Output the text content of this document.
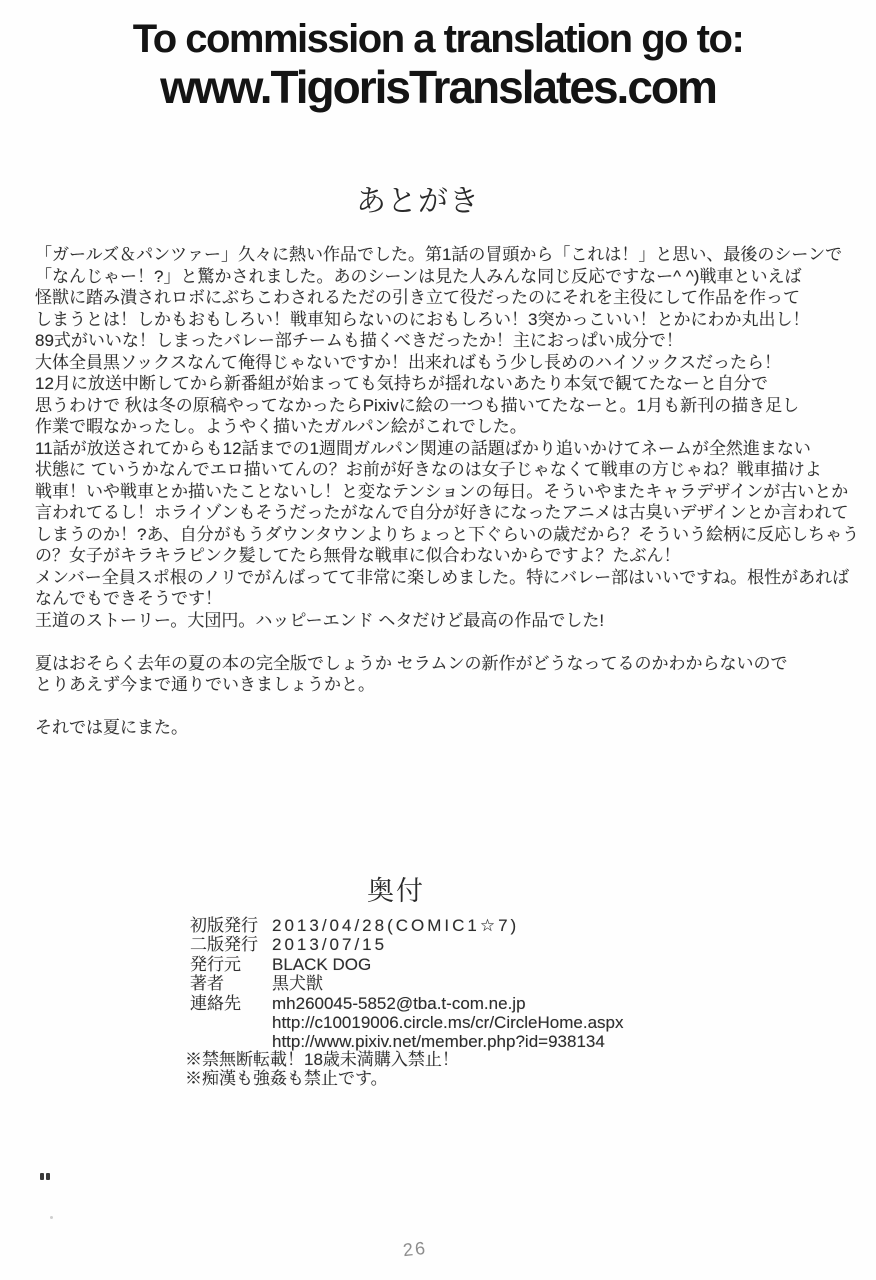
To commission a translation go to:
www.TigorisTranslates.com
あとがき
「ガールズ＆パンツァー」久々に熱い作品でした。第1話の冒頭から「これは！」と思い、最後のシーンで
「なんじゃー！?」と驚かされました。あのシーンは見た人みんな同じ反応ですなー^ ^)戦車といえば
怪獣に踏み潰されロボにぶちこわされるただの引き立て役だったのにそれを主役にして作品を作って
しまうとは！しかもおもしろい！戦車知らないのにおもしろい！3突かっこいい！とかにわか丸出し！
89式がいいな！しまったバレー部チームも描くべきだったか！主におっぱい成分で！
大体全員黒ソックスなんて俺得じゃないですか！出来ればもう少し長めのハイソックスだったら！
12月に放送中断してから新番組が始まっても気持ちが揺れないあたり本気で観てたなーと自分で
思うわけで 秋は冬の原稿やってなかったらPixivに絵の一つも描いてたなーと。1月も新刊の描き足し
作業で暇なかったし。ようやく描いたガルパン絵がこれでした。
11話が放送されてからも12話までの1週間ガルパン関連の話題ばかり追いかけてネームが全然進まない
状態に ていうかなんでエロ描いてんの？お前が好きなのは女子じゃなくて戦車の方じゃね？戦車描けよ
戦車！いや戦車とか描いたことないし！と変なテンションの毎日。そういやまたキャラデザインが古いとか
言われてるし！ホライゾンもそうだったがなんで自分が好きになったアニメは古臭いデザインとか言われて
しまうのか！?あ、自分がもうダウンタウンよりちょっと下ぐらいの歳だから？そういう絵柄に反応しちゃう
の？女子がキラキラピンク髪してたら無骨な戦車に似合わないからですよ？たぶん！
メンバー全員スポ根のノリでがんばってて非常に楽しめました。特にバレー部はいいですね。根性があれば
なんでもできそうです！
王道のストーリー。大団円。ハッピーエンド ヘタだけど最高の作品でした!
夏はおそらく去年の夏の本の完全版でしょうか セラムンの新作がどうなってるのかわからないので
とりあえず今まで通りでいきましょうかと。
それでは夏にまた。
奥付
初版発行 2013/04/28(COMIC1☆7)
二版発行 2013/07/15
発行元	BLACK DOG
著者	黒犬獣
連絡先	mh260045-5852@tba.t-com.ne.jp
http://c10019006.circle.ms/cr/CircleHome.aspx
http://www.pixiv.net/member.php?id=938134
※禁無断転載！18歳未満購入禁止！
※痴漢も強姦も禁止です。
26
